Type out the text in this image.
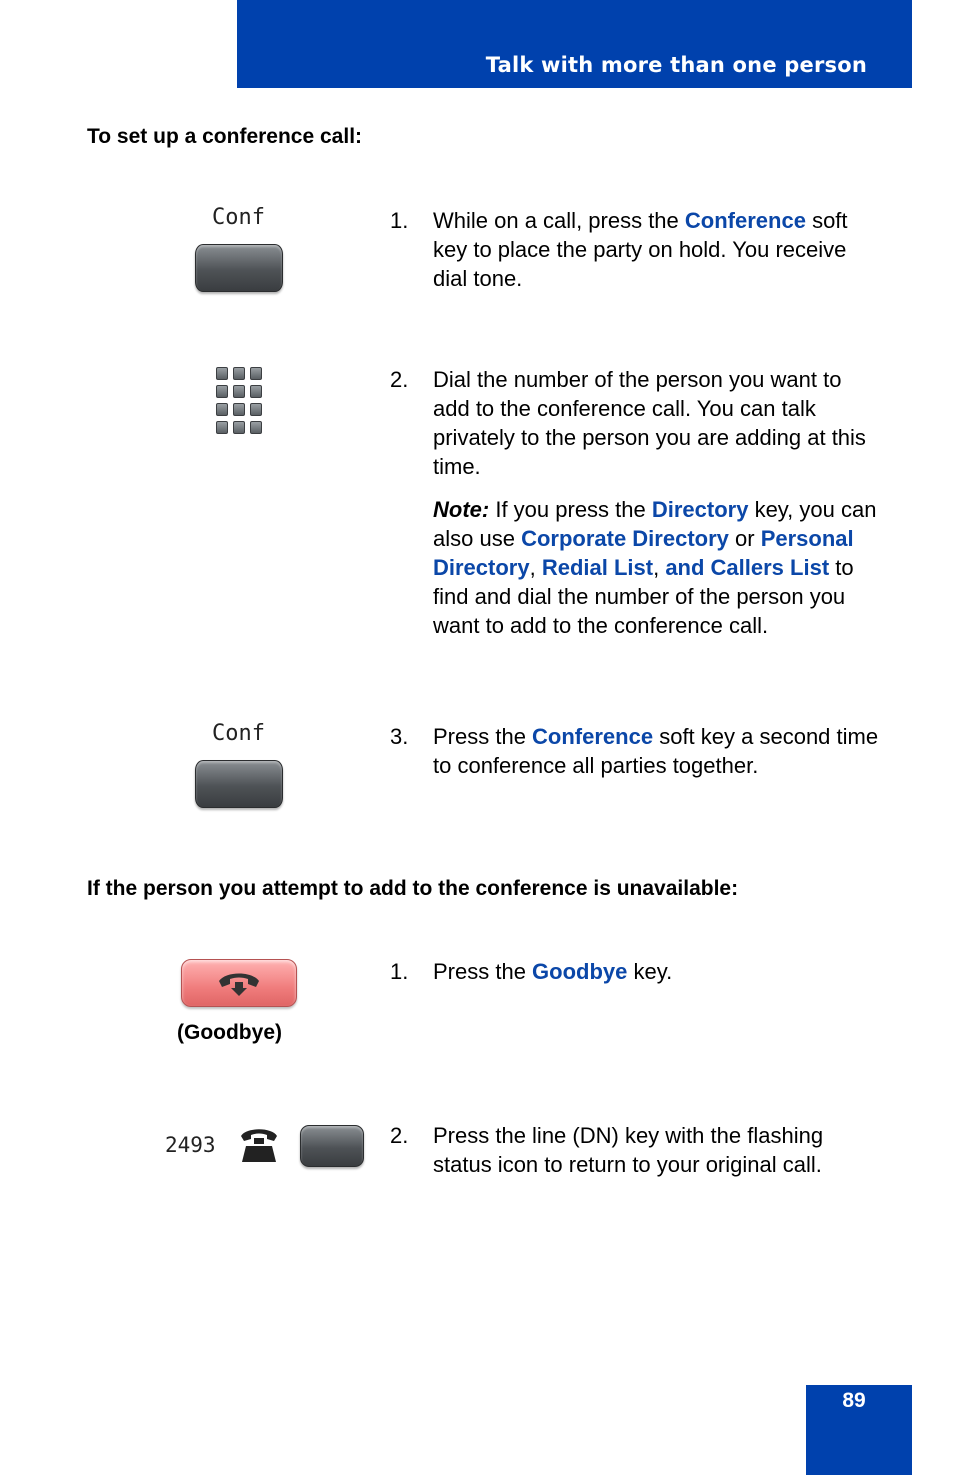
Talk with more than one person
To set up a conference call:
Conf	1. While on a call, press the Conference soft key to place the party on hold. You receive dial tone.

2. Dial the number of the person you want to add to the conference call. You can talk privately to the person you are adding at this time.

Note: If you press the Directory key, you can also use Corporate Directory or Personal Directory, Redial List, and Callers List to find and dial the number of the person you want to add to the conference call.

Conf	3. Press the Conference soft key a second time to conference all parties together.

If the person you attempt to add to the conference is unavailable:
(Goodbye)
1. Press the Goodbye key.

2493	2. Press the line (DN) key with the flashing status icon to return to your original call.

89
